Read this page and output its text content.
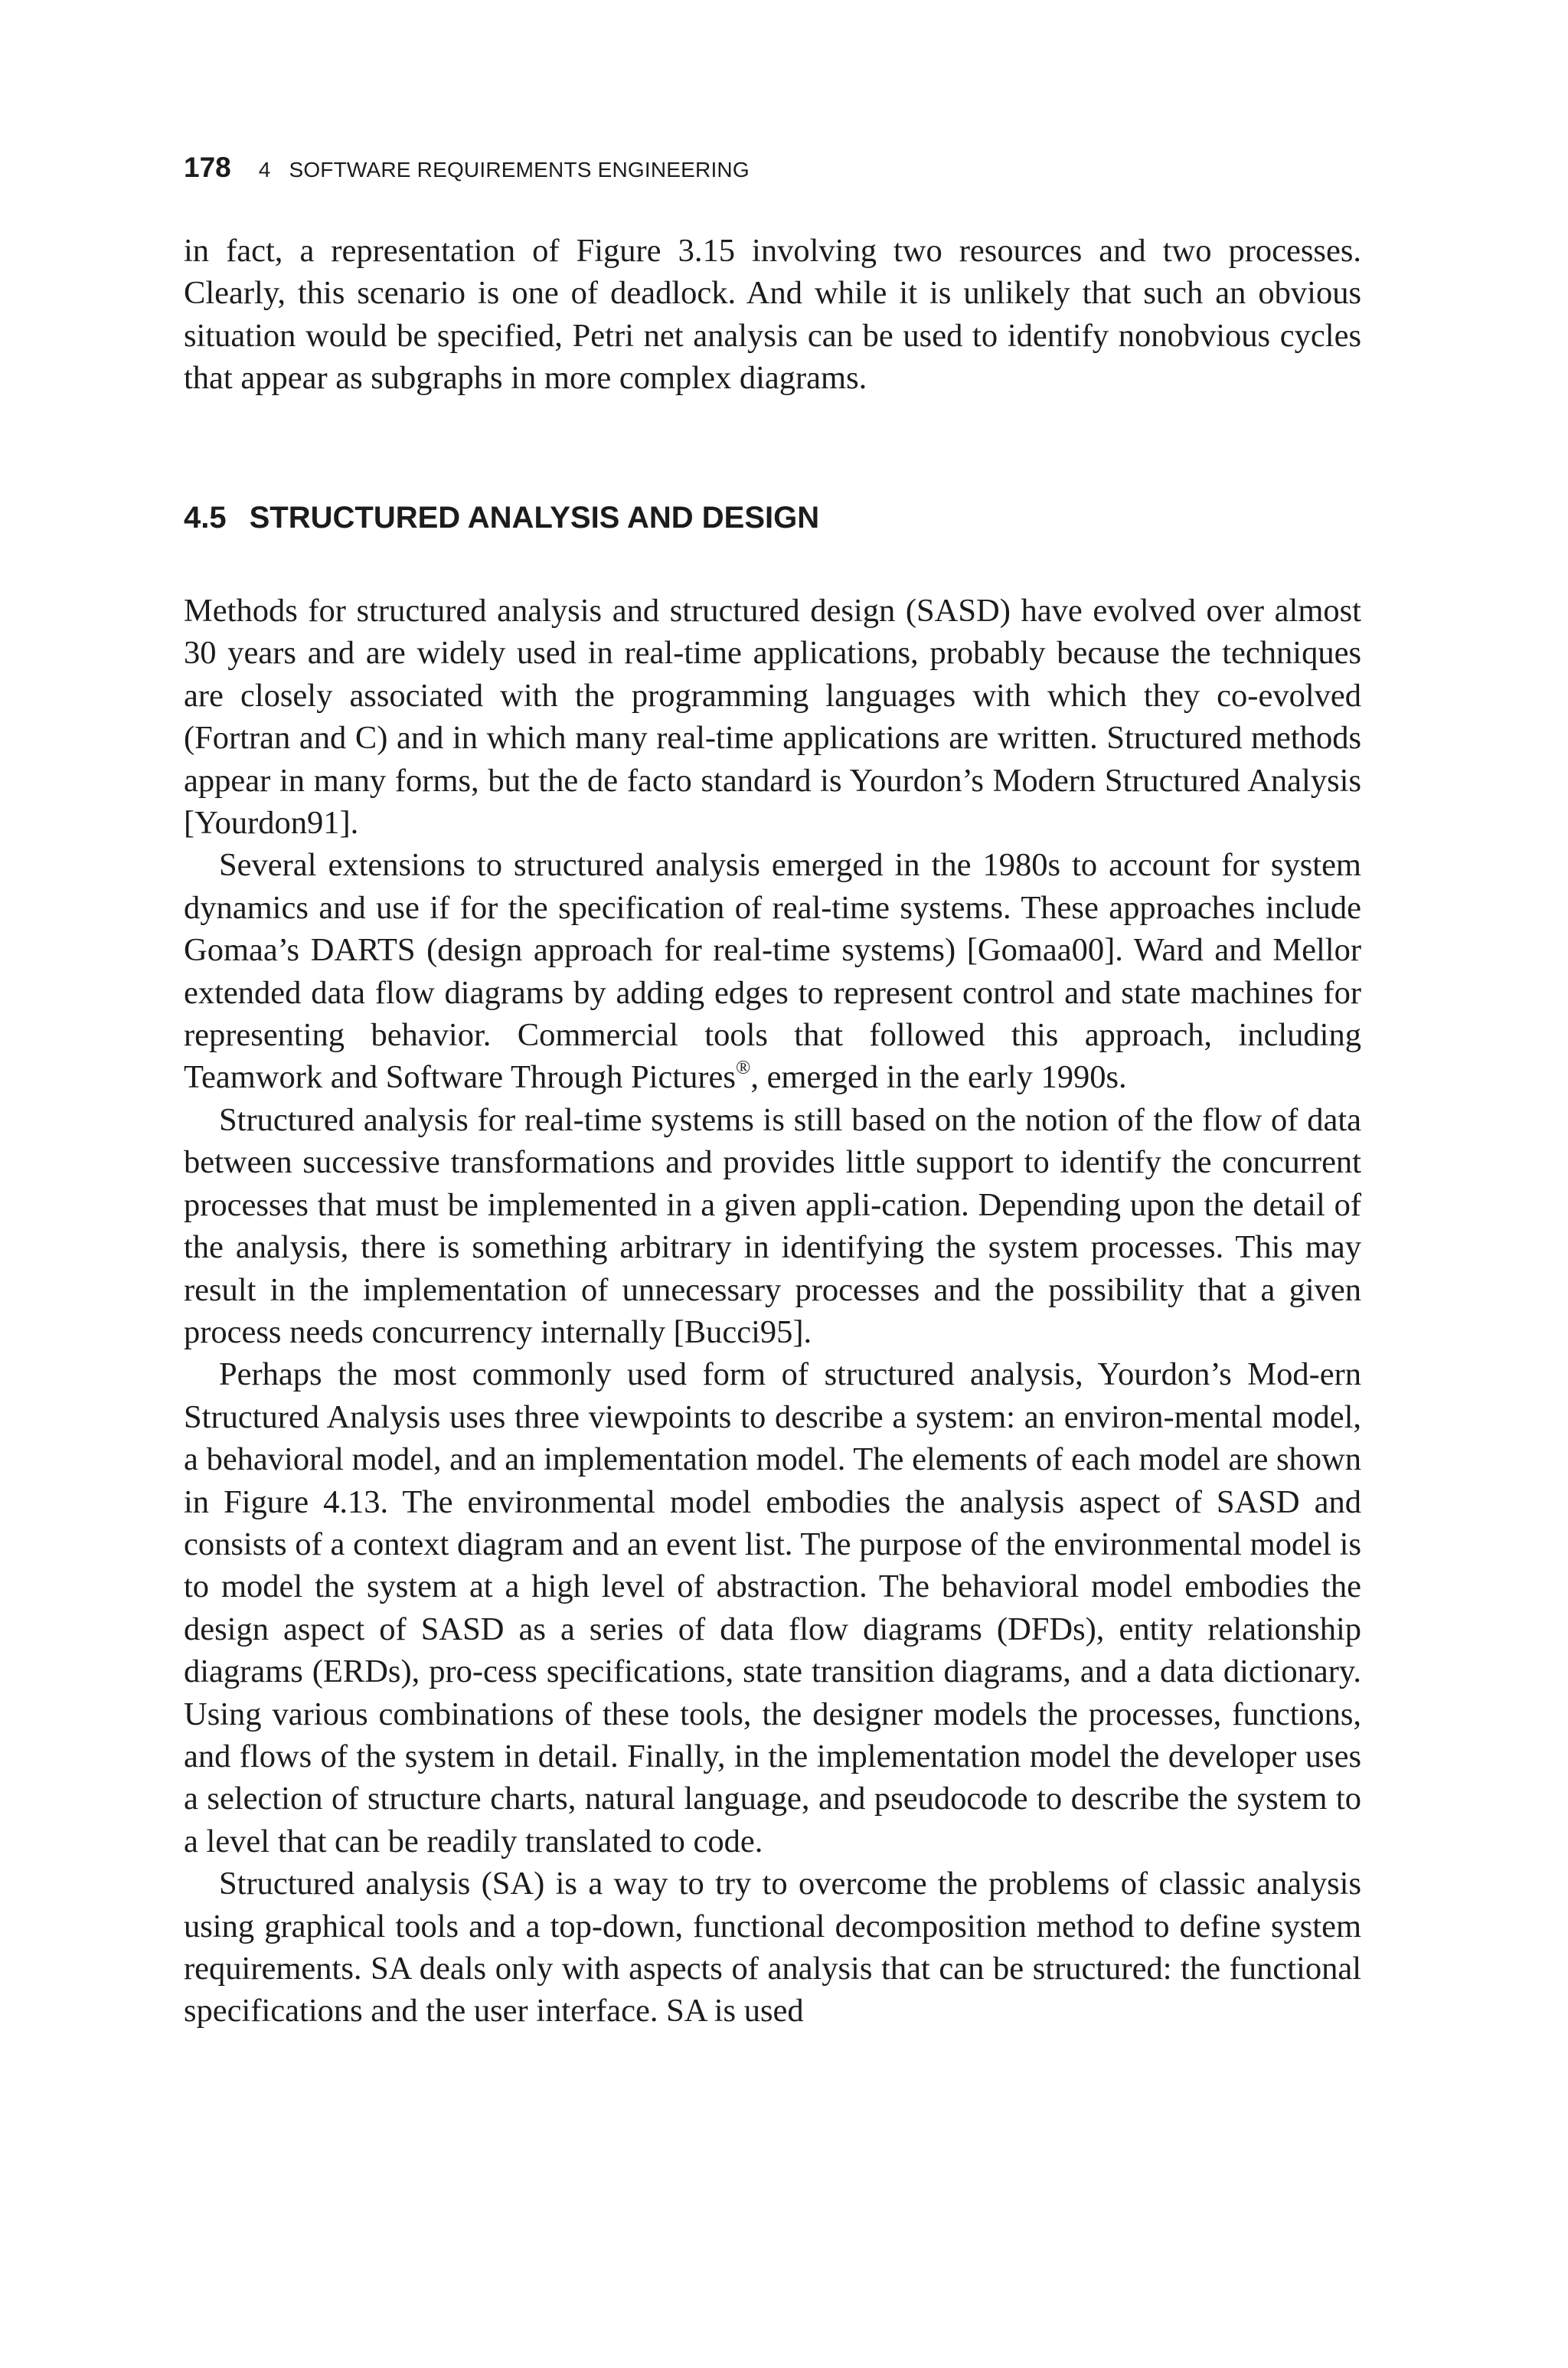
178 4   SOFTWARE REQUIREMENTS ENGINEERING

in fact, a representation of Figure 3.15 involving two resources and two processes. Clearly, this scenario is one of deadlock. And while it is unlikely that such an obvious situation would be specified, Petri net analysis can be used to identify nonobvious cycles that appear as subgraphs in more complex diagrams.

4.5 STRUCTURED ANALYSIS AND DESIGN

Methods for structured analysis and structured design (SASD) have evolved over almost 30 years and are widely used in real-time applications, probably because the techniques are closely associated with the programming languages with which they co-evolved (Fortran and C) and in which many real-time applications are written. Structured methods appear in many forms, but the de facto standard is Yourdon’s Modern Structured Analysis [Yourdon91].

Several extensions to structured analysis emerged in the 1980s to account for system dynamics and use if for the specification of real-time systems. These approaches include Gomaa’s DARTS (design approach for real-time systems) [Gomaa00]. Ward and Mellor extended data flow diagrams by adding edges to represent control and state machines for representing behavior. Commercial tools that followed this approach, including Teamwork and Software Through Pictures®, emerged in the early 1990s.

Structured analysis for real-time systems is still based on the notion of the flow of data between successive transformations and provides little support to identify the concurrent processes that must be implemented in a given appli-cation. Depending upon the detail of the analysis, there is something arbitrary in identifying the system processes. This may result in the implementation of unnecessary processes and the possibility that a given process needs concurrency internally [Bucci95].

Perhaps the most commonly used form of structured analysis, Yourdon’s Mod-ern Structured Analysis uses three viewpoints to describe a system: an environ-mental model, a behavioral model, and an implementation model. The elements of each model are shown in Figure 4.13. The environmental model embodies the analysis aspect of SASD and consists of a context diagram and an event list. The purpose of the environmental model is to model the system at a high level of abstraction. The behavioral model embodies the design aspect of SASD as a series of data flow diagrams (DFDs), entity relationship diagrams (ERDs), pro-cess specifications, state transition diagrams, and a data dictionary. Using various combinations of these tools, the designer models the processes, functions, and flows of the system in detail. Finally, in the implementation model the developer uses a selection of structure charts, natural language, and pseudocode to describe the system to a level that can be readily translated to code.

Structured analysis (SA) is a way to try to overcome the problems of classic analysis using graphical tools and a top-down, functional decomposition method to define system requirements. SA deals only with aspects of analysis that can be structured: the functional specifications and the user interface. SA is used
